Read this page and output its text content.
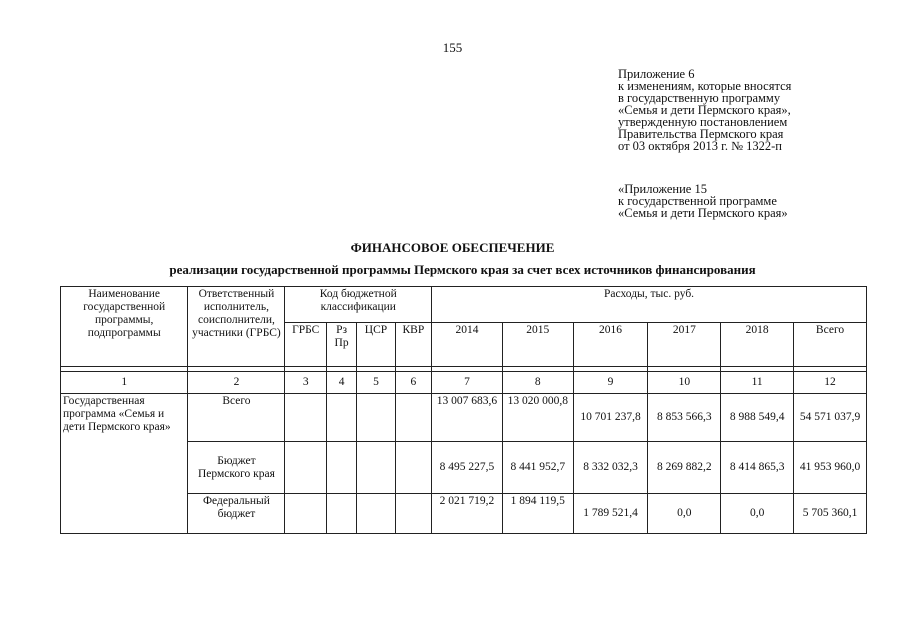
155
Приложение 6
к изменениям, которые вносятся
в государственную программу
«Семья и дети Пермского края»,
утвержденную постановлением
Правительства Пермского края
от 03 октября 2013 г. № 1322-п
«Приложение 15
к государственной программе
«Семья и дети Пермского края»
ФИНАНСОВОЕ ОБЕСПЕЧЕНИЕ
реализации государственной программы Пермского края за счет всех источников финансирования
Наименование государственной программы, подпрограммы	Ответственный исполнитель, соисполнители, участники (ГРБС)	Код бюджетной классификации				Расходы, тыс. руб.					
		ГРБС	Рз Пр	ЦСР	КВР	2014	2015	2016	2017	2018	Всего

1	2	3	4	5	6	7	8	9	10	11	12
Государственная программа «Семья и дети Пермского края»	Всего					13 007 683,6	13 020 000,8	10 701 237,8	8 853 566,3	8 988 549,4	54 571 037,9
	Бюджет Пермского края					8 495 227,5	8 441 952,7	8 332 032,3	8 269 882,2	8 414 865,3	41 953 960,0
	Федеральный бюджет					2 021 719,2	1 894 119,5	1 789 521,4	0,0	0,0	5 705 360,1
